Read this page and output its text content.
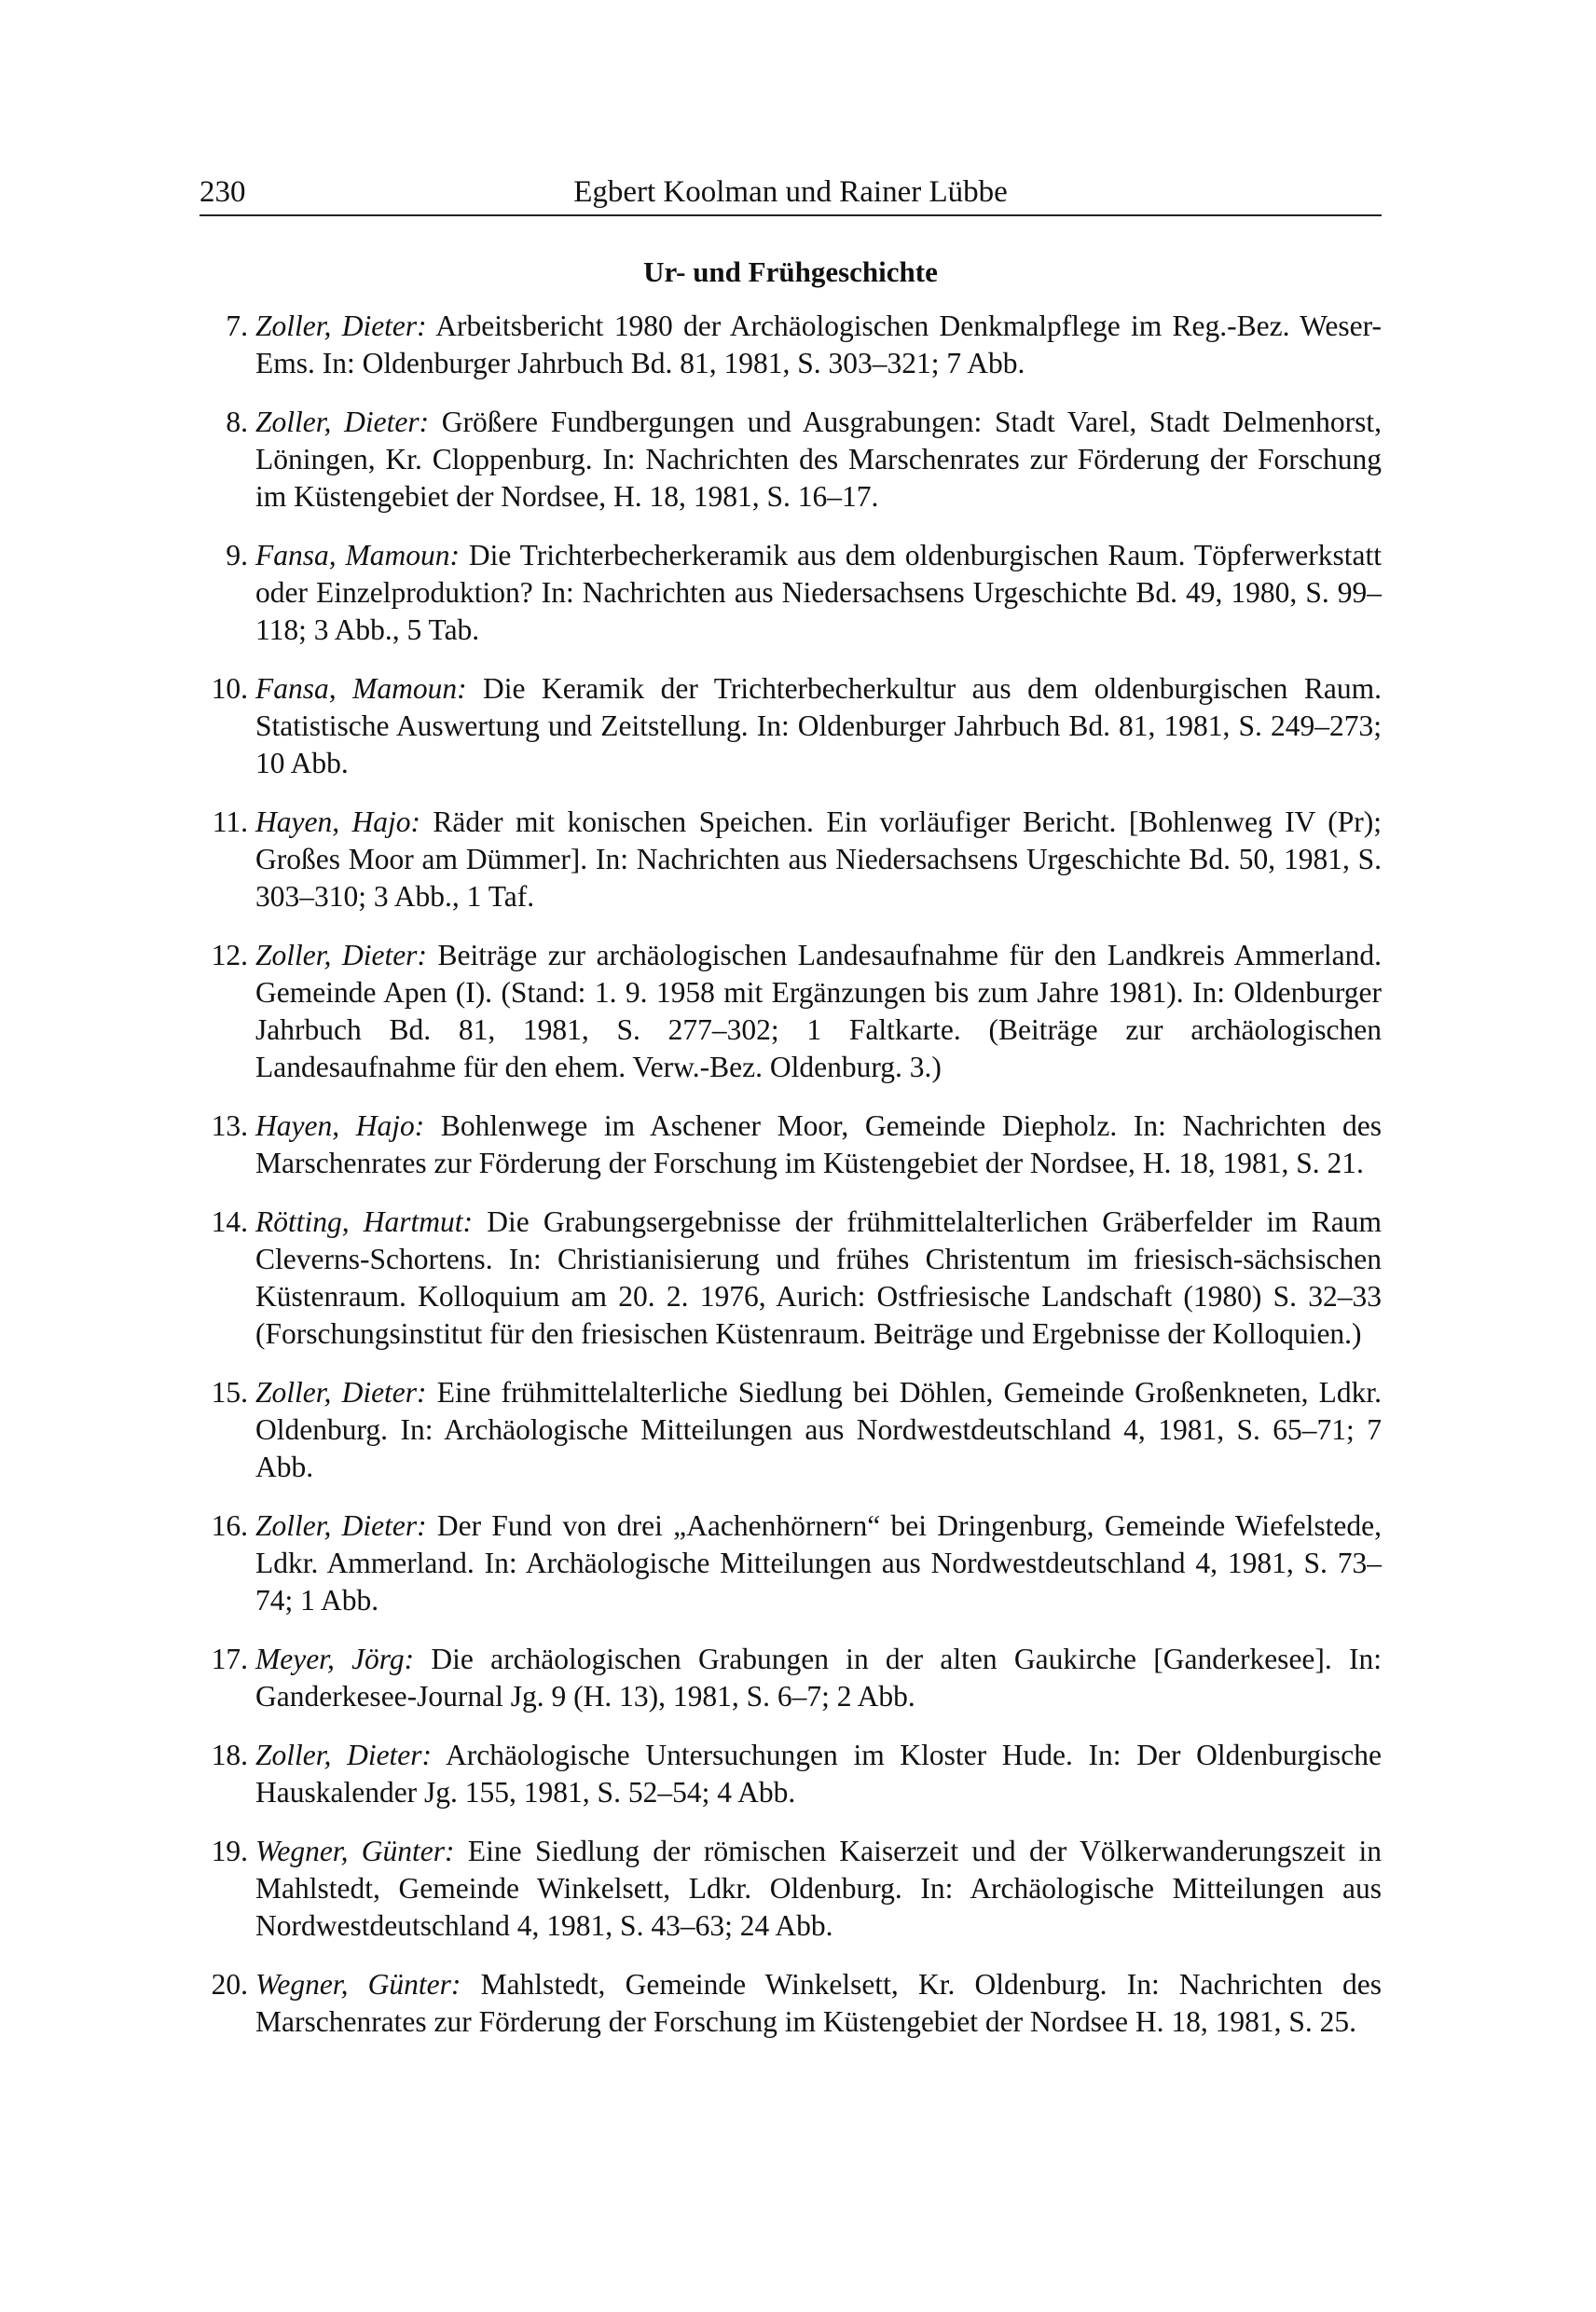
230	Egbert Koolman und Rainer Lübbe
Ur- und Frühgeschichte
7. Zoller, Dieter: Arbeitsbericht 1980 der Archäologischen Denkmalpflege im Reg.-Bez. Weser-Ems. In: Oldenburger Jahrbuch Bd. 81, 1981, S. 303–321; 7 Abb.
8. Zoller, Dieter: Größere Fundbergungen und Ausgrabungen: Stadt Varel, Stadt Delmenhorst, Löningen, Kr. Cloppenburg. In: Nachrichten des Marschenrates zur Förderung der Forschung im Küstengebiet der Nordsee, H. 18, 1981, S. 16–17.
9. Fansa, Mamoun: Die Trichterbecherkeramik aus dem oldenburgischen Raum. Töpferwerkstatt oder Einzelproduktion? In: Nachrichten aus Niedersachsens Urgeschichte Bd. 49, 1980, S. 99–118; 3 Abb., 5 Tab.
10. Fansa, Mamoun: Die Keramik der Trichterbecherkultur aus dem oldenburgischen Raum. Statistische Auswertung und Zeitstellung. In: Oldenburger Jahrbuch Bd. 81, 1981, S. 249–273; 10 Abb.
11. Hayen, Hajo: Räder mit konischen Speichen. Ein vorläufiger Bericht. [Bohlenweg IV (Pr); Großes Moor am Dümmer]. In: Nachrichten aus Niedersachsens Urgeschichte Bd. 50, 1981, S. 303–310; 3 Abb., 1 Taf.
12. Zoller, Dieter: Beiträge zur archäologischen Landesaufnahme für den Landkreis Ammerland. Gemeinde Apen (I). (Stand: 1. 9. 1958 mit Ergänzungen bis zum Jahre 1981). In: Oldenburger Jahrbuch Bd. 81, 1981, S. 277–302; 1 Faltkarte. (Beiträge zur archäologischen Landesaufnahme für den ehem. Verw.-Bez. Oldenburg. 3.)
13. Hayen, Hajo: Bohlenwege im Aschener Moor, Gemeinde Diepholz. In: Nachrichten des Marschenrates zur Förderung der Forschung im Küstengebiet der Nordsee, H. 18, 1981, S. 21.
14. Rötting, Hartmut: Die Grabungsergebnisse der frühmittelalterlichen Gräberfelder im Raum Cleverns-Schortens. In: Christianisierung und frühes Christentum im friesisch-sächsischen Küstenraum. Kolloquium am 20. 2. 1976, Aurich: Ostfriesische Landschaft (1980) S. 32–33 (Forschungsinstitut für den friesischen Küstenraum. Beiträge und Ergebnisse der Kolloquien.)
15. Zoller, Dieter: Eine frühmittelalterliche Siedlung bei Döhlen, Gemeinde Großenkneten, Ldkr. Oldenburg. In: Archäologische Mitteilungen aus Nordwestdeutschland 4, 1981, S. 65–71; 7 Abb.
16. Zoller, Dieter: Der Fund von drei „Aachenhörnern“ bei Dringenburg, Gemeinde Wiefelstede, Ldkr. Ammerland. In: Archäologische Mitteilungen aus Nordwestdeutschland 4, 1981, S. 73–74; 1 Abb.
17. Meyer, Jörg: Die archäologischen Grabungen in der alten Gaukirche [Ganderkesee]. In: Ganderkesee-Journal Jg. 9 (H. 13), 1981, S. 6–7; 2 Abb.
18. Zoller, Dieter: Archäologische Untersuchungen im Kloster Hude. In: Der Oldenburgische Hauskalender Jg. 155, 1981, S. 52–54; 4 Abb.
19. Wegner, Günter: Eine Siedlung der römischen Kaiserzeit und der Völkerwanderungszeit in Mahlstedt, Gemeinde Winkelsett, Ldkr. Oldenburg. In: Archäologische Mitteilungen aus Nordwestdeutschland 4, 1981, S. 43–63; 24 Abb.
20. Wegner, Günter: Mahlstedt, Gemeinde Winkelsett, Kr. Oldenburg. In: Nachrichten des Marschenrates zur Förderung der Forschung im Küstengebiet der Nordsee H. 18, 1981, S. 25.
